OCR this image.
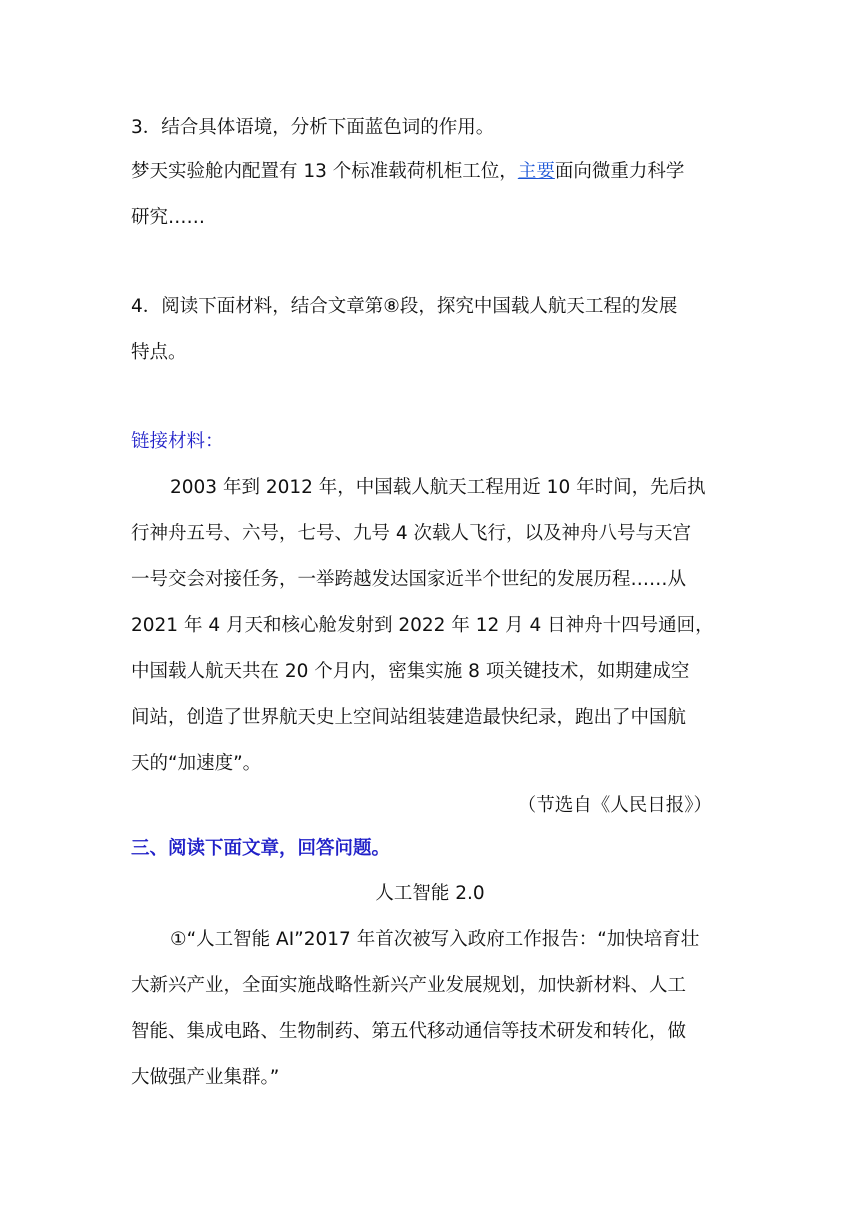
3．结合具体语境，分析下面蓝色词的作用。
梦天实验舱内配置有 13 个标准载荷机柜工位，主要面向微重力科学
研究……
4．阅读下面材料，结合文章第⑧段，探究中国载人航天工程的发展
特点。
链接材料：
2003 年到 2012 年，中国载人航天工程用近 10 年时间，先后执
行神舟五号、六号，七号、九号 4 次载人飞行，以及神舟八号与天宫
一号交会对接任务，一举跨越发达国家近半个世纪的发展历程……从
2021 年 4 月天和核心舱发射到 2022 年 12 月 4 日神舟十四号通回，
中国载人航天共在 20 个月内，密集实施 8 项关键技术，如期建成空
间站，创造了世界航天史上空间站组装建造最快纪录，跑出了中国航
天的“加速度”。
（节选自《人民日报》）
三、阅读下面文章，回答问题。
人工智能 2.0
①“人工智能 AI”2017 年首次被写入政府工作报告：“加快培育壮
大新兴产业，全面实施战略性新兴产业发展规划，加快新材料、人工
智能、集成电路、生物制药、第五代移动通信等技术研发和转化，做
大做强产业集群。”
